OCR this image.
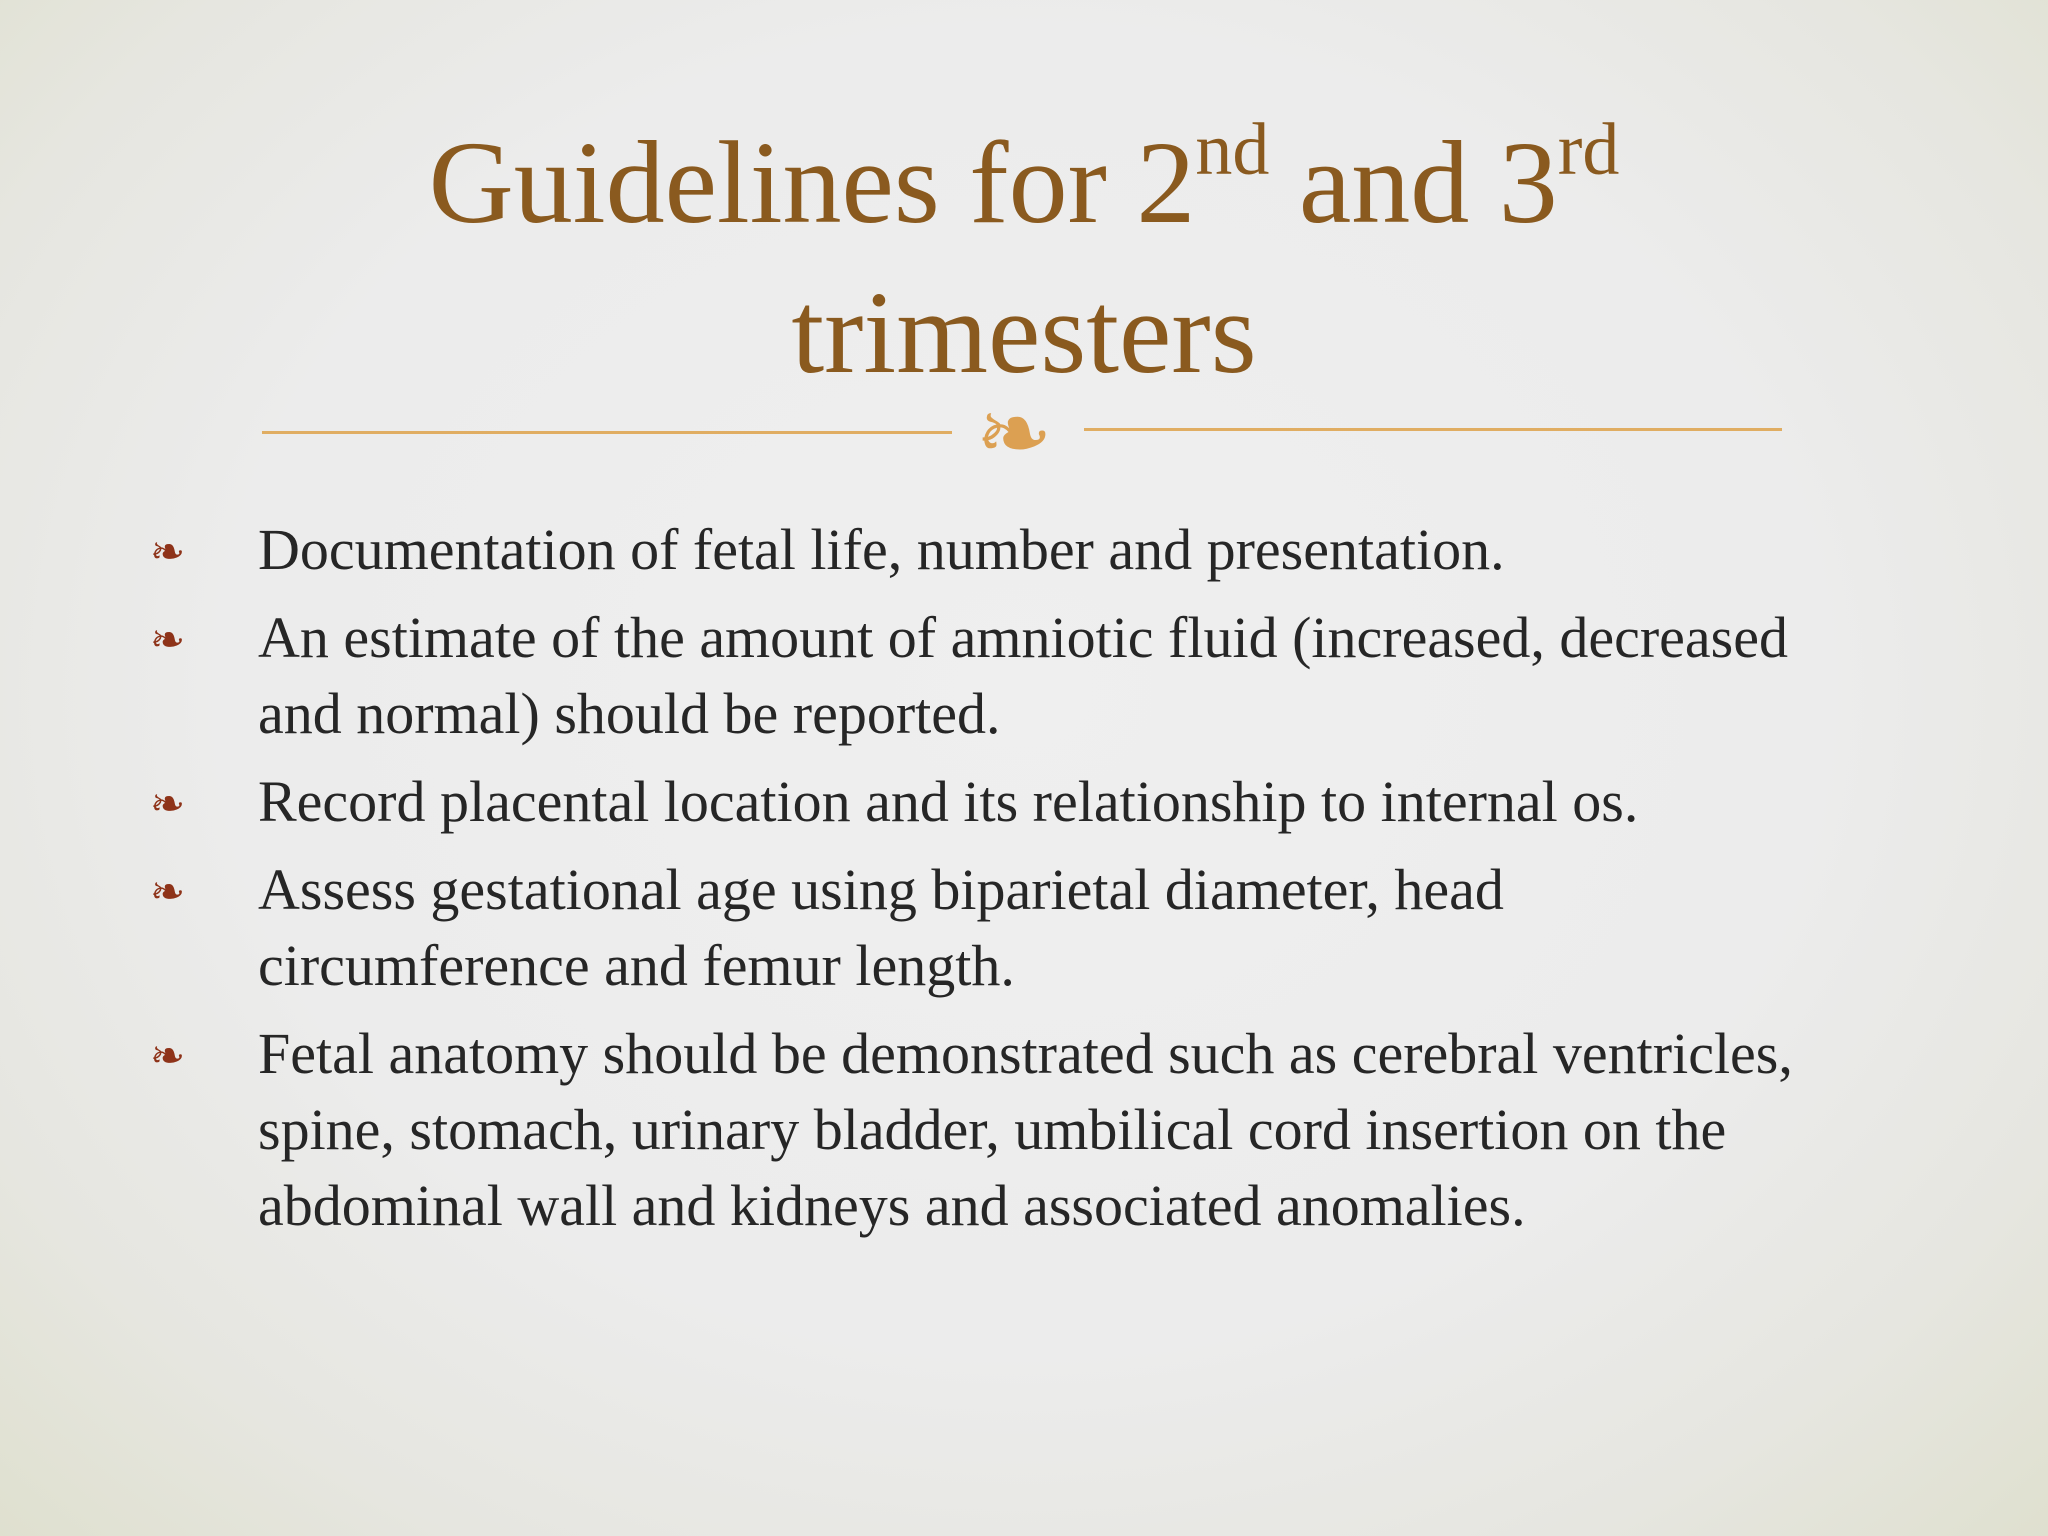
Guidelines for 2nd and 3rd
trimesters
❧
❧	Documentation of fetal life, number and presentation.
❧	An estimate of the amount of amniotic fluid (increased, decreased and normal) should be reported.
❧	Record placental location and its relationship to internal os.
❧	Assess gestational age using biparietal diameter, head circumference and femur length.
❧	Fetal anatomy should be demonstrated such as cerebral ventricles, spine, stomach, urinary bladder, umbilical cord insertion on the abdominal wall and kidneys and associated anomalies.
